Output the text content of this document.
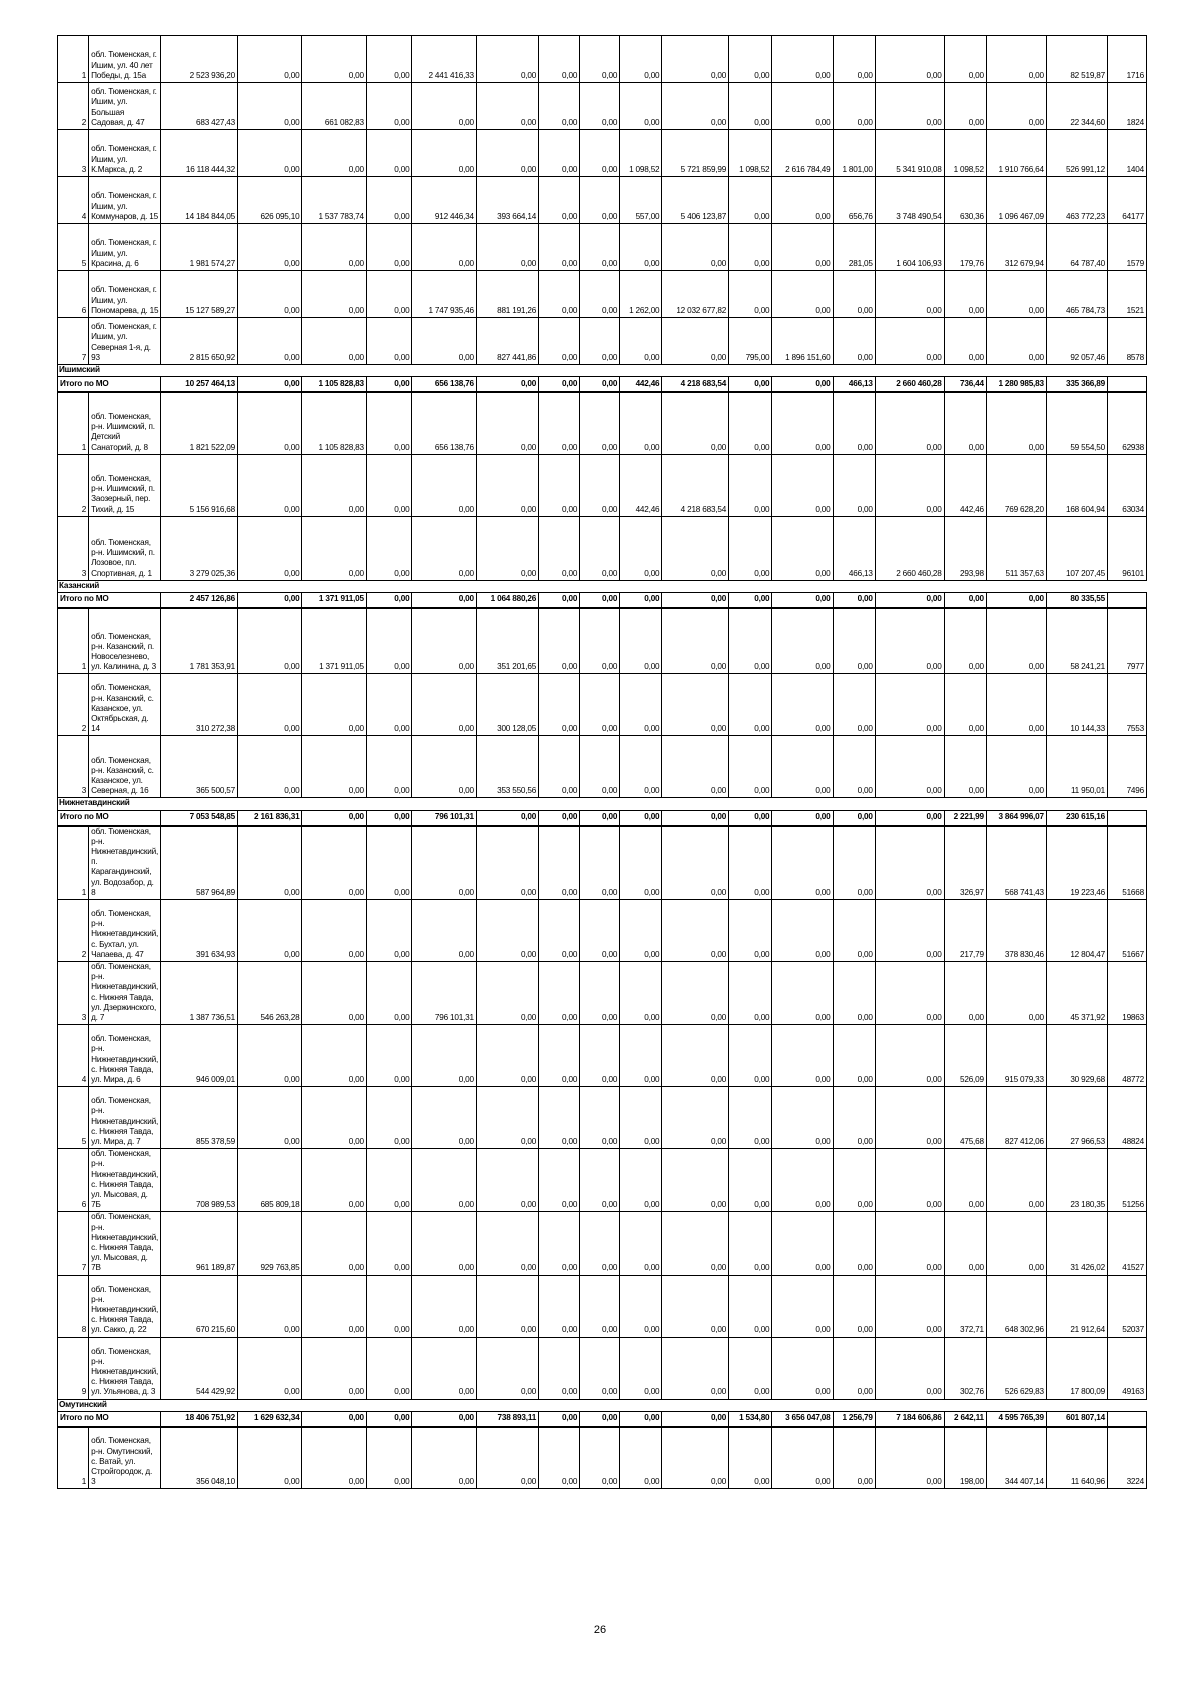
1	обл. Тюменская, г. Ишим, ул. 40 лет Победы, д. 15а	2 523 936,20	0,00	0,00	0,00	2 441 416,33	0,00	0,00	0,00	0,00	0,00	0,00	0,00	0,00	0,00	0,00	0,00	82 519,87	1716
2	обл. Тюменская, г. Ишим, ул. Большая Садовая, д. 47	683 427,43	0,00	661 082,83	0,00	0,00	0,00	0,00	0,00	0,00	0,00	0,00	0,00	0,00	0,00	0,00	0,00	22 344,60	1824
3	обл. Тюменская, г. Ишим, ул. К.Маркса, д. 2	16 118 444,32	0,00	0,00	0,00	0,00	0,00	0,00	0,00	1 098,52	5 721 859,99	1 098,52	2 616 784,49	1 801,00	5 341 910,08	1 098,52	1 910 766,64	526 991,12	1404
4	обл. Тюменская, г. Ишим, ул. Коммунаров, д. 15	14 184 844,05	626 095,10	1 537 783,74	0,00	912 446,34	393 664,14	0,00	0,00	557,00	5 406 123,87	0,00	0,00	656,76	3 748 490,54	630,36	1 096 467,09	463 772,23	64177
5	обл. Тюменская, г. Ишим, ул. Красина, д. 6	1 981 574,27	0,00	0,00	0,00	0,00	0,00	0,00	0,00	0,00	0,00	0,00	0,00	281,05	1 604 106,93	179,76	312 679,94	64 787,40	1579
6	обл. Тюменская, г. Ишим, ул. Пономарева, д. 15	15 127 589,27	0,00	0,00	0,00	1 747 935,46	881 191,26	0,00	0,00	1 262,00	12 032 677,82	0,00	0,00	0,00	0,00	0,00	0,00	465 784,73	1521
7	обл. Тюменская, г. Ишим, ул. Северная 1-я, д. 93	2 815 650,92	0,00	0,00	0,00	0,00	827 441,86	0,00	0,00	0,00	0,00	795,00	1 896 151,60	0,00	0,00	0,00	0,00	92 057,46	8578
Ишимский																			
Итого по МО		10 257 464,13	0,00	1 105 828,83	0,00	656 138,76	0,00	0,00	0,00	442,46	4 218 683,54	0,00	0,00	466,13	2 660 460,28	736,44	1 280 985,83	335 366,89	
1	обл. Тюменская, р-н. Ишимский, п. Детский Санаторий, д. 8	1 821 522,09	0,00	1 105 828,83	0,00	656 138,76	0,00	0,00	0,00	0,00	0,00	0,00	0,00	0,00	0,00	0,00	0,00	59 554,50	62938
2	обл. Тюменская, р-н. Ишимский, п. Заозерный, пер. Тихий, д. 15	5 156 916,68	0,00	0,00	0,00	0,00	0,00	0,00	0,00	442,46	4 218 683,54	0,00	0,00	0,00	0,00	442,46	769 628,20	168 604,94	63034
3	обл. Тюменская, р-н. Ишимский, п. Лозовое, пл. Спортивная, д. 1	3 279 025,36	0,00	0,00	0,00	0,00	0,00	0,00	0,00	0,00	0,00	0,00	0,00	466,13	2 660 460,28	293,98	511 357,63	107 207,45	96101
Казанский																			
Итого по МО		2 457 126,86	0,00	1 371 911,05	0,00	0,00	1 064 880,26	0,00	0,00	0,00	0,00	0,00	0,00	0,00	0,00	0,00	0,00	80 335,55	
1	обл. Тюменская, р-н. Казанский, п. Новоселезнево, ул. Калинина, д. 3	1 781 353,91	0,00	1 371 911,05	0,00	0,00	351 201,65	0,00	0,00	0,00	0,00	0,00	0,00	0,00	0,00	0,00	0,00	58 241,21	7977
2	обл. Тюменская, р-н. Казанский, с. Казанское, ул. Октябрьская, д. 14	310 272,38	0,00	0,00	0,00	0,00	300 128,05	0,00	0,00	0,00	0,00	0,00	0,00	0,00	0,00	0,00	0,00	10 144,33	7553
3	обл. Тюменская, р-н. Казанский, с. Казанское, ул. Северная, д. 16	365 500,57	0,00	0,00	0,00	0,00	353 550,56	0,00	0,00	0,00	0,00	0,00	0,00	0,00	0,00	0,00	0,00	11 950,01	7496
Нижнетавдинский																			
Итого по МО		7 053 548,85	2 161 836,31	0,00	0,00	796 101,31	0,00	0,00	0,00	0,00	0,00	0,00	0,00	0,00	0,00	2 221,99	3 864 996,07	230 615,16	
1	обл. Тюменская, р-н. Нижнетавдинский, п. Карагандинский, ул. Водозабор, д. 8	587 964,89	0,00	0,00	0,00	0,00	0,00	0,00	0,00	0,00	0,00	0,00	0,00	0,00	0,00	326,97	568 741,43	19 223,46	51668
2	обл. Тюменская, р-н. Нижнетавдинский, с. Бухтал, ул. Чапаева, д. 47	391 634,93	0,00	0,00	0,00	0,00	0,00	0,00	0,00	0,00	0,00	0,00	0,00	0,00	0,00	217,79	378 830,46	12 804,47	51667
3	обл. Тюменская, р-н. Нижнетавдинский, с. Нижняя Тавда, ул. Дзержинского, д. 7	1 387 736,51	546 263,28	0,00	0,00	796 101,31	0,00	0,00	0,00	0,00	0,00	0,00	0,00	0,00	0,00	0,00	0,00	45 371,92	19863
4	обл. Тюменская, р-н. Нижнетавдинский, с. Нижняя Тавда, ул. Мира, д. 6	946 009,01	0,00	0,00	0,00	0,00	0,00	0,00	0,00	0,00	0,00	0,00	0,00	0,00	0,00	526,09	915 079,33	30 929,68	48772
5	обл. Тюменская, р-н. Нижнетавдинский, с. Нижняя Тавда, ул. Мира, д. 7	855 378,59	0,00	0,00	0,00	0,00	0,00	0,00	0,00	0,00	0,00	0,00	0,00	0,00	0,00	475,68	827 412,06	27 966,53	48824
6	обл. Тюменская, р-н. Нижнетавдинский, с. Нижняя Тавда, ул. Мысовая, д. 7Б	708 989,53	685 809,18	0,00	0,00	0,00	0,00	0,00	0,00	0,00	0,00	0,00	0,00	0,00	0,00	0,00	0,00	23 180,35	51256
7	обл. Тюменская, р-н. Нижнетавдинский, с. Нижняя Тавда, ул. Мысовая, д. 7В	961 189,87	929 763,85	0,00	0,00	0,00	0,00	0,00	0,00	0,00	0,00	0,00	0,00	0,00	0,00	0,00	0,00	31 426,02	41527
8	обл. Тюменская, р-н. Нижнетавдинский, с. Нижняя Тавда, ул. Сакко, д. 22	670 215,60	0,00	0,00	0,00	0,00	0,00	0,00	0,00	0,00	0,00	0,00	0,00	0,00	0,00	372,71	648 302,96	21 912,64	52037
9	обл. Тюменская, р-н. Нижнетавдинский, с. Нижняя Тавда, ул. Ульянова, д. 3	544 429,92	0,00	0,00	0,00	0,00	0,00	0,00	0,00	0,00	0,00	0,00	0,00	0,00	0,00	302,76	526 629,83	17 800,09	49163
Омутинский																			
Итого по МО		18 406 751,92	1 629 632,34	0,00	0,00	0,00	738 893,11	0,00	0,00	0,00	0,00	1 534,80	3 656 047,08	1 256,79	7 184 606,86	2 642,11	4 595 765,39	601 807,14	
1	обл. Тюменская, р-н. Омутинский, с. Ватай, ул. Стройгородок, д. 3	356 048,10	0,00	0,00	0,00	0,00	0,00	0,00	0,00	0,00	0,00	0,00	0,00	0,00	0,00	198,00	344 407,14	11 640,96	3224
26
